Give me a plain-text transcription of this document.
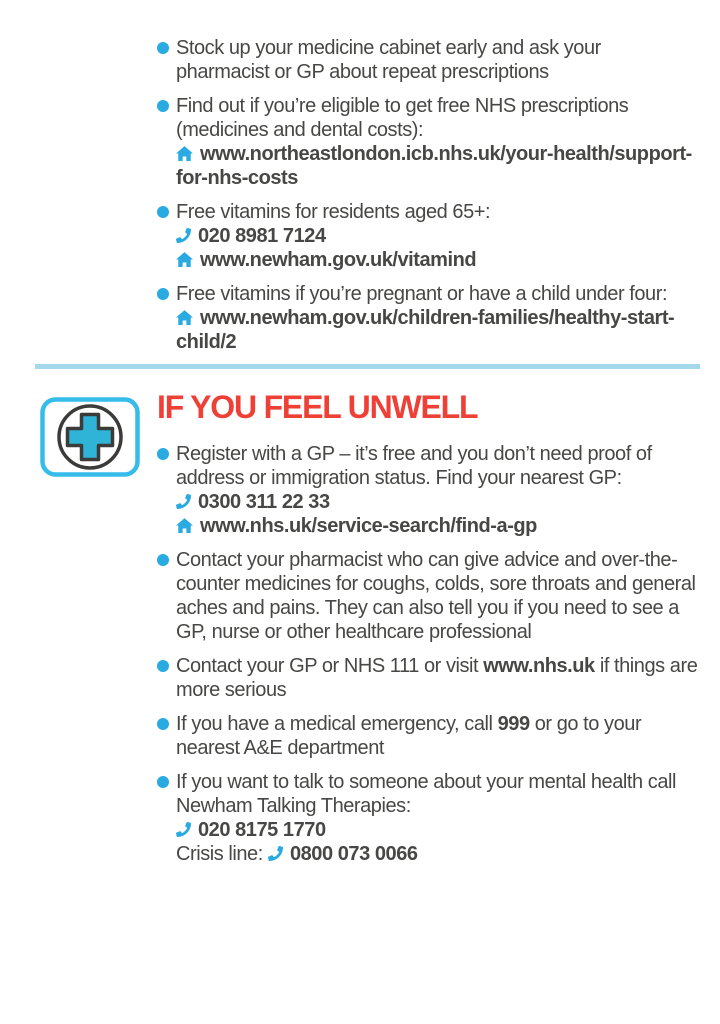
Stock up your medicine cabinet early and ask your
pharmacist or GP about repeat prescriptions
Find out if you’re eligible to get free NHS prescriptions
(medicines and dental costs):
www.northeastlondon.icb.nhs.uk/your-health/support-
for-nhs-costs
Free vitamins for residents aged 65+:
020 8981 7124
www.newham.gov.uk/vitamind
Free vitamins if you’re pregnant or have a child under four:
www.newham.gov.uk/children-families/healthy-start-
child/2
IF YOU FEEL UNWELL
Register with a GP – it’s free and you don’t need proof of
address or immigration status. Find your nearest GP:
0300 311 22 33
www.nhs.uk/service-search/find-a-gp
Contact your pharmacist who can give advice and over-the-
counter medicines for coughs, colds, sore throats and general
aches and pains. They can also tell you if you need to see a
GP, nurse or other healthcare professional
Contact your GP or NHS 111 or visit www.nhs.uk if things are
more serious
If you have a medical emergency, call 999 or go to your
nearest A&E department
If you want to talk to someone about your mental health call
Newham Talking Therapies:
020 8175 1770
Crisis line: 0800 073 0066
